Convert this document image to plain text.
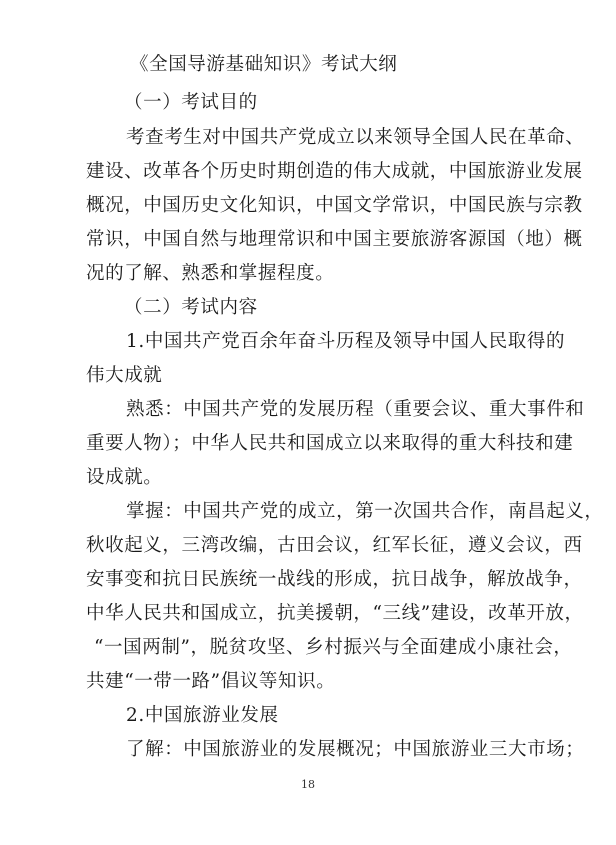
《全国导游基础知识》考试大纲
（一）考试目的
考查考生对中国共产党成立以来领导全国人民在革命、
建设、改革各个历史时期创造的伟大成就，中国旅游业发展
概况，中国历史文化知识，中国文学常识，中国民族与宗教
常识，中国自然与地理常识和中国主要旅游客源国（地）概
况的了解、熟悉和掌握程度。
（二）考试内容
1.中国共产党百余年奋斗历程及领导中国人民取得的
伟大成就
熟悉：中国共产党的发展历程（重要会议、重大事件和
重要人物）；中华人民共和国成立以来取得的重大科技和建
设成就。
掌握：中国共产党的成立，第一次国共合作，南昌起义，
秋收起义，三湾改编，古田会议，红军长征，遵义会议，西
安事变和抗日民族统一战线的形成，抗日战争，解放战争，
中华人民共和国成立，抗美援朝，“三线”建设，改革开放，
“一国两制”，脱贫攻坚、乡村振兴与全面建成小康社会，
共建“一带一路”倡议等知识。
2.中国旅游业发展
了解：中国旅游业的发展概况；中国旅游业三大市场；
18
